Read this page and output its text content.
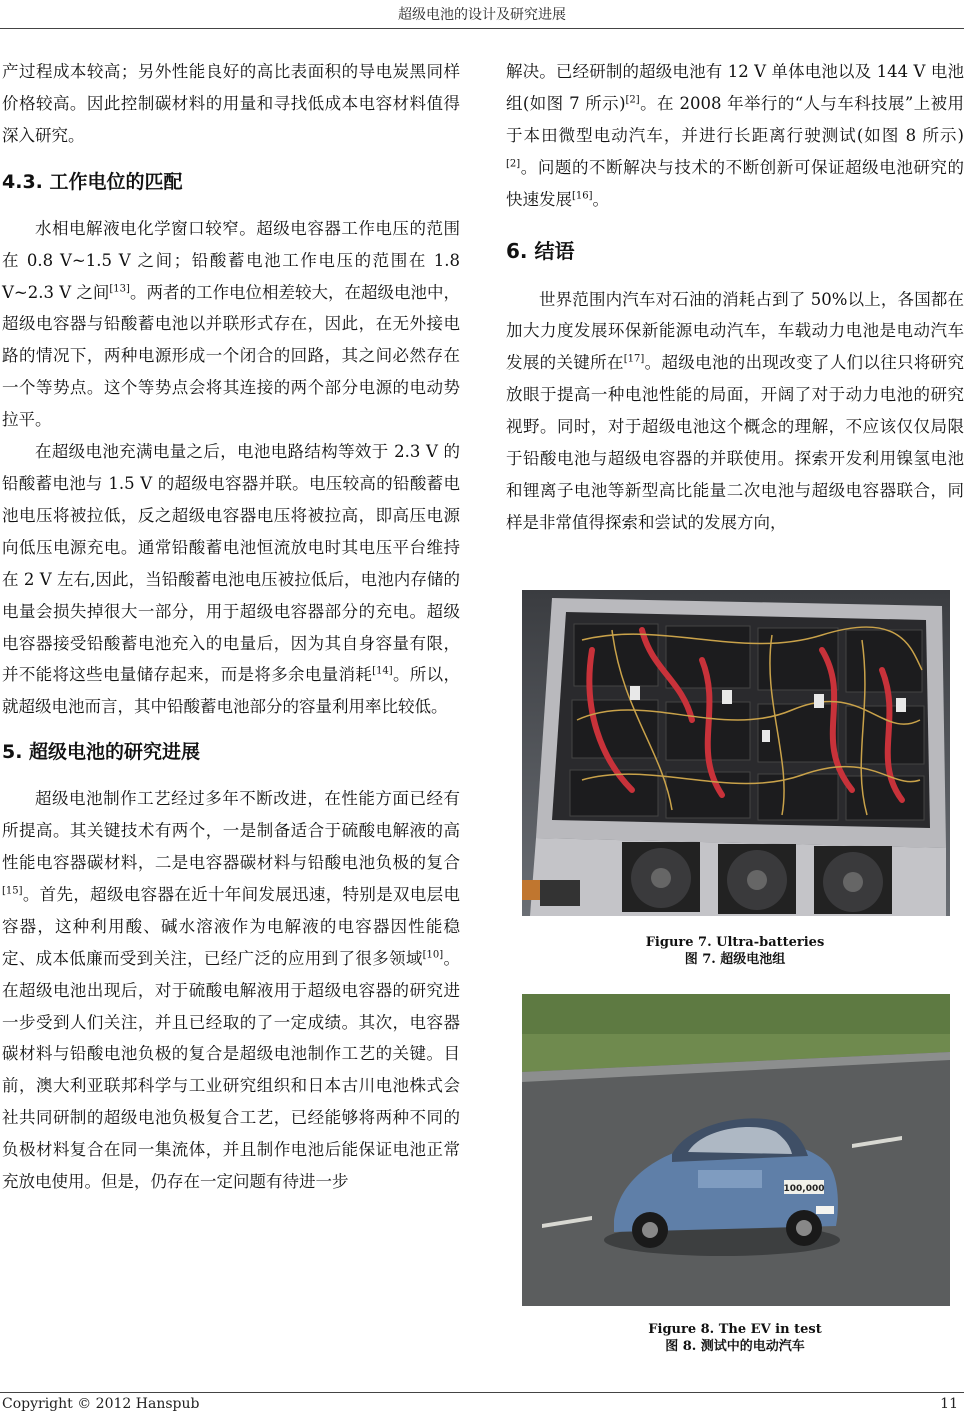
超级电池的设计及研究进展

产过程成本较高；另外性能良好的高比表面积的导电炭黑同样价格较高。因此控制碳材料的用量和寻找低成本电容材料值得深入研究。

4.3. 工作电位的匹配

水相电解液电化学窗口较窄。超级电容器工作电压的范围在 0.8 V~1.5 V 之间；铅酸蓄电池工作电压的范围在 1.8 V~2.3 V 之间[13]。两者的工作电位相差较大，在超级电池中，超级电容器与铅酸蓄电池以并联形式存在，因此，在无外接电路的情况下，两种电源形成一个闭合的回路，其之间必然存在一个等势点。这个等势点会将其连接的两个部分电源的电动势拉平。

在超级电池充满电量之后，电池电路结构等效于 2.3 V 的铅酸蓄电池与 1.5 V 的超级电容器并联。电压较高的铅酸蓄电池电压将被拉低，反之超级电容器电压将被拉高，即高压电源向低压电源充电。通常铅酸蓄电池恒流放电时其电压平台维持在 2 V 左右,因此，当铅酸蓄电池电压被拉低后，电池内存储的电量会损失掉很大一部分，用于超级电容器部分的充电。超级电容器接受铅酸蓄电池充入的电量后，因为其自身容量有限，并不能将这些电量储存起来，而是将多余电量消耗[14]。所以，就超级电池而言，其中铅酸蓄电池部分的容量利用率比较低。

5. 超级电池的研究进展

超级电池制作工艺经过多年不断改进，在性能方面已经有所提高。其关键技术有两个，一是制备适合于硫酸电解液的高性能电容器碳材料，二是电容器碳材料与铅酸电池负极的复合[15]。首先，超级电容器在近十年间发展迅速，特别是双电层电容器，这种利用酸、碱水溶液作为电解液的电容器因性能稳定、成本低廉而受到关注，已经广泛的应用到了很多领域[10]。在超级电池出现后，对于硫酸电解液用于超级电容器的研究进一步受到人们关注，并且已经取的了一定成绩。其次，电容器碳材料与铅酸电池负极的复合是超级电池制作工艺的关键。目前，澳大利亚联邦科学与工业研究组织和日本古川电池株式会社共同研制的超级电池负极复合工艺，已经能够将两种不同的负极材料复合在同一集流体，并且制作电池后能保证电池正常充放电使用。但是，仍存在一定问题有待进一步

解决。已经研制的超级电池有 12 V 单体电池以及 144 V 电池组(如图 7 所示)[2]。在 2008 年举行的“人与车科技展”上被用于本田微型电动汽车，并进行长距离行驶测试(如图 8 所示)[2]。问题的不断解决与技术的不断创新可保证超级电池研究的快速发展[16]。

6. 结语

世界范围内汽车对石油的消耗占到了 50%以上，各国都在加大力度发展环保新能源电动汽车，车载动力电池是电动汽车发展的关键所在[17]。超级电池的出现改变了人们以往只将研究放眼于提高一种电池性能的局面，开阔了对于动力电池的研究视野。同时，对于超级电池这个概念的理解，不应该仅仅局限于铅酸电池与超级电容器的并联使用。探索开发利用镍氢电池和锂离子电池等新型高比能量二次电池与超级电容器联合，同样是非常值得探索和尝试的发展方向，

Figure 7. Ultra-batteries
图 7. 超级电池组
100,000
Figure 8. The EV in test
图 8. 测试中的电动汽车
Copyright © 2012 Hanspub	11
